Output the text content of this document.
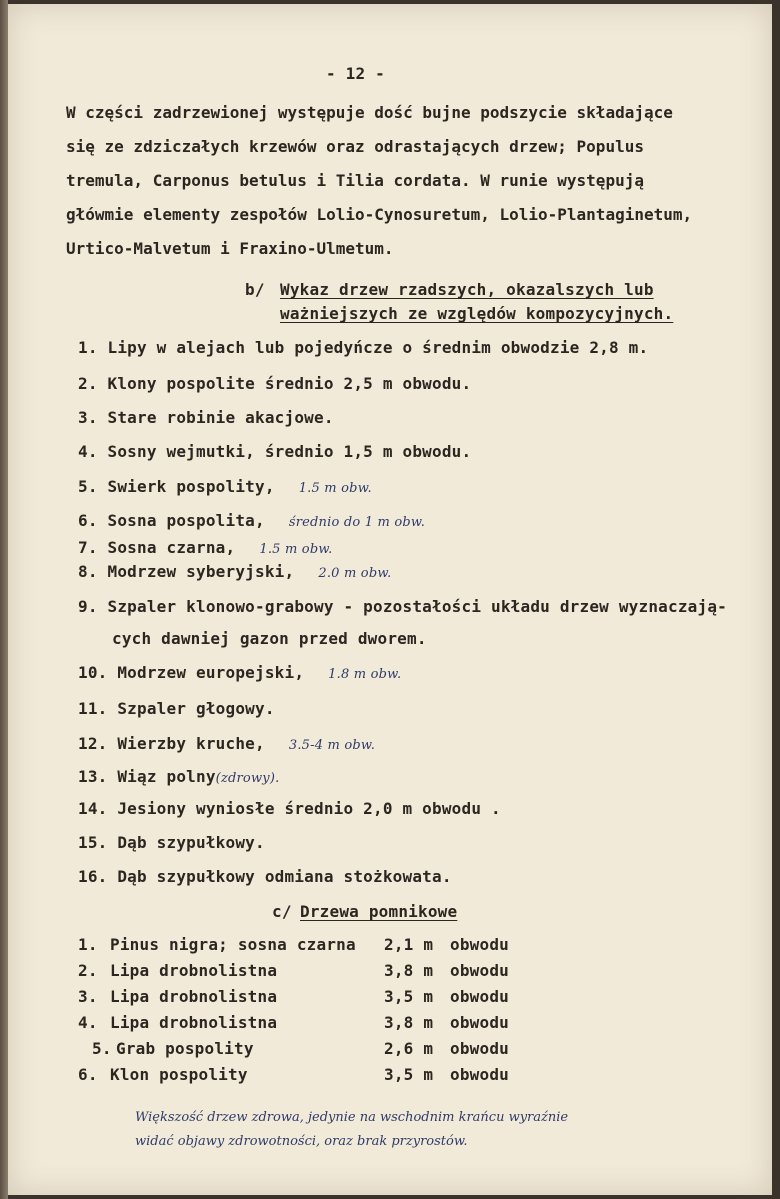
- 12 -
W części zadrzewionej występuje dość bujne podszycie składające
się ze zdziczałych krzewów oraz odrastających drzew; Populus
tremula, Carponus betulus i Tilia cordata. W runie występują
główmie elementy zespołów Lolio-Cynosuretum, Lolio-Plantaginetum,
Urtico-Malvetum i Fraxino-Ulmetum.
b/ Wykaz drzew rzadszych, okazalszych lub
ważniejszych ze względów kompozycyjnych.
1. Lipy w alejach lub pojedyńcze o średnim obwodzie 2,8 m.
2. Klony pospolite średnio 2,5 m obwodu.
3. Stare robinie akacjowe.
4. Sosny wejmutki, średnio 1,5 m obwodu.
5. Swierk pospolity, 1.5 m obw.
6. Sosna pospolita, średnio do 1 m obw.
7. Sosna czarna, 1.5 m obw.
8. Modrzew syberyjski, 2.0 m obw.
9. Szpaler klonowo-grabowy - pozostałości układu drzew wyznaczają-
cych dawniej gazon przed dworem.
10. Modrzew europejski, 1.8 m obw.
11. Szpaler głogowy.
12. Wierzby kruche, 3.5-4 m obw.
13. Wiąz polny(zdrowy).
14. Jesiony wyniosłe średnio 2,0 m obwodu .
15. Dąb szypułkowy.
16. Dąb szypułkowy odmiana stożkowata.
c/ Drzewa pomnikowe
1. Pinus nigra; sosna czarna 2,1 m obwodu
2. Lipa drobnolistna	3,8 m obwodu
3. Lipa drobnolistna	3,5 m obwodu
4. Lipa drobnolistna	3,8 m obwodu
5. Grab pospolity	2,6 m obwodu
6. Klon pospolity	3,5 m obwodu
Większość drzew zdrowa, jedynie na wschodnim krańcu wyraźnie
widać objawy zdrowotności, oraz brak przyrostów.
